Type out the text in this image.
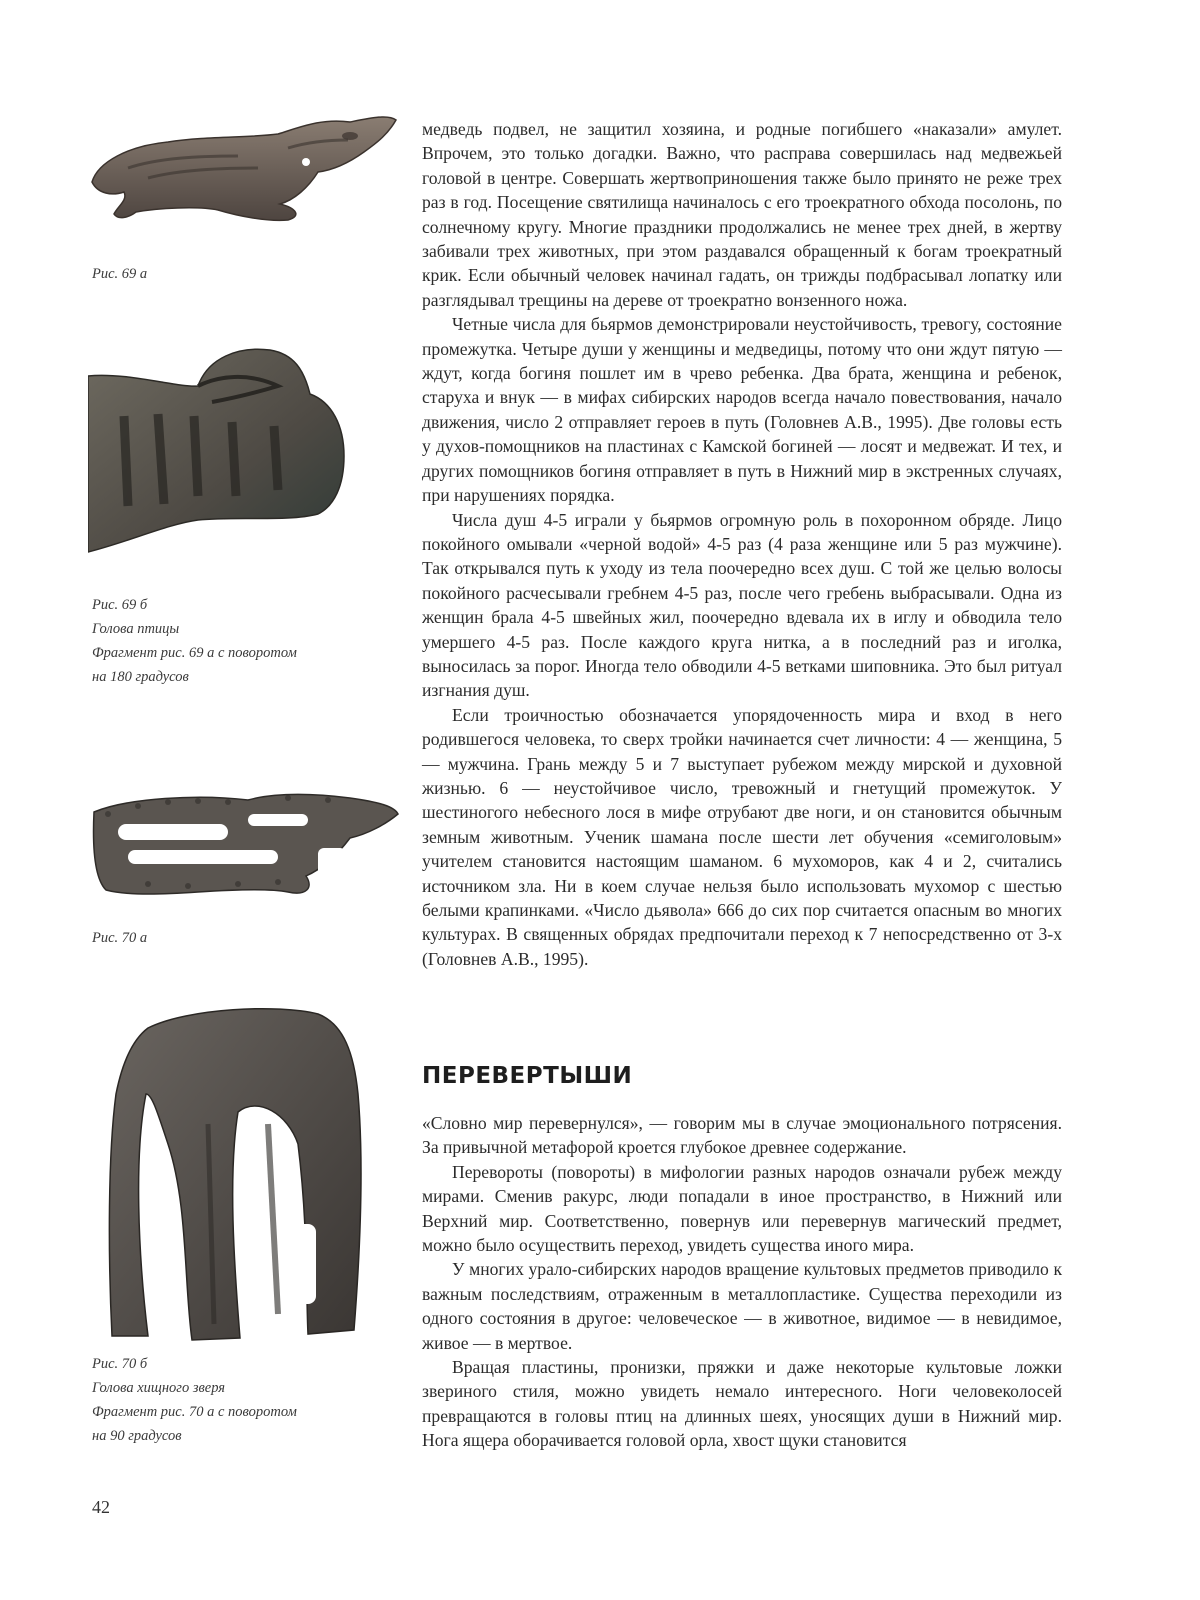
Рис. 69 а
Рис. 69 б
Голова птицы
Фрагмент рис. 69 а с поворотом
на 180 градусов
Рис. 70 а
Рис. 70 б
Голова хищного зверя
Фрагмент рис. 70 а с поворотом
на 90 градусов

медведь подвел, не защитил хозяина, и родные погибшего «наказали» амулет. Впрочем, это только догадки. Важно, что расправа совершилась над медвежьей головой в центре. Совершать жертвоприношения также было принято не реже трех раз в год. Посещение святилища начиналось с его троекратного обхода посолонь, по солнечному кругу. Многие праздники продолжались не менее трех дней, в жертву забивали трех животных, при этом раздавался обращенный к богам троекратный крик. Если обычный человек начинал гадать, он трижды подбрасывал лопатку или разглядывал трещины на дереве от троекратно вонзенного ножа.

Четные числа для бьярмов демонстрировали неустойчивость, тревогу, состояние промежутка. Четыре души у женщины и медведицы, потому что они ждут пятую — ждут, когда богиня пошлет им в чрево ребенка. Два брата, женщина и ребенок, старуха и внук — в мифах сибирских народов всегда начало повествования, начало движения, число 2 отправляет героев в путь (Головнев А.В., 1995). Две головы есть у духов-помощников на пластинах с Камской богиней — лосят и медвежат. И тех, и других помощников богиня отправляет в путь в Нижний мир в экстренных случаях, при нарушениях порядка.

Числа душ 4-5 играли у бьярмов огромную роль в похоронном обряде. Лицо покойного омывали «черной водой» 4-5 раз (4 раза женщине или 5 раз мужчине). Так открывался путь к уходу из тела поочередно всех душ. С той же целью волосы покойного расчесывали гребнем 4-5 раз, после чего гребень выбрасывали. Одна из женщин брала 4-5 швейных жил, поочередно вдевала их в иглу и обводила тело умершего 4-5 раз. После каждого круга нитка, а в последний раз и иголка, выносилась за порог. Иногда тело обводили 4-5 ветками шиповника. Это был ритуал изгнания душ.

Если троичностью обозначается упорядоченность мира и вход в него родившегося человека, то сверх тройки начинается счет личности: 4 — женщина, 5 — мужчина. Грань между 5 и 7 выступает рубежом между мирской и духовной жизнью. 6 — неустойчивое число, тревожный и гнетущий промежуток. У шестиногого небесного лося в мифе отрубают две ноги, и он становится обычным земным животным. Ученик шамана после шести лет обучения «семиголовым» учителем становится настоящим шаманом. 6 мухоморов, как 4 и 2, считались источником зла. Ни в коем случае нельзя было использовать мухомор с шестью белыми крапинками. «Число дьявола» 666 до сих пор считается опасным во многих культурах. В священных обрядах предпочитали переход к 7 непосредственно от 3-х (Головнев А.В., 1995).

ПЕРЕВЕРТЫШИ

«Словно мир перевернулся», — говорим мы в случае эмоционального потрясения. За привычной метафорой кроется глубокое древнее содержание.

Перевороты (повороты) в мифологии разных народов означали рубеж между мирами. Сменив ракурс, люди попадали в иное пространство, в Нижний или Верхний мир. Соответственно, повернув или перевернув магический предмет, можно было осуществить переход, увидеть существа иного мира.

У многих урало-сибирских народов вращение культовых предметов приводило к важным последствиям, отраженным в металлопластике. Существа переходили из одного состояния в другое: человеческое — в животное, видимое — в невидимое, живое — в мертвое.

Вращая пластины, пронизки, пряжки и даже некоторые культовые ложки звериного стиля, можно увидеть немало интересного. Ноги человеколосей превращаются в головы птиц на длинных шеях, уносящих души в Нижний мир. Нога ящера оборачивается головой орла, хвост щуки становится

42
